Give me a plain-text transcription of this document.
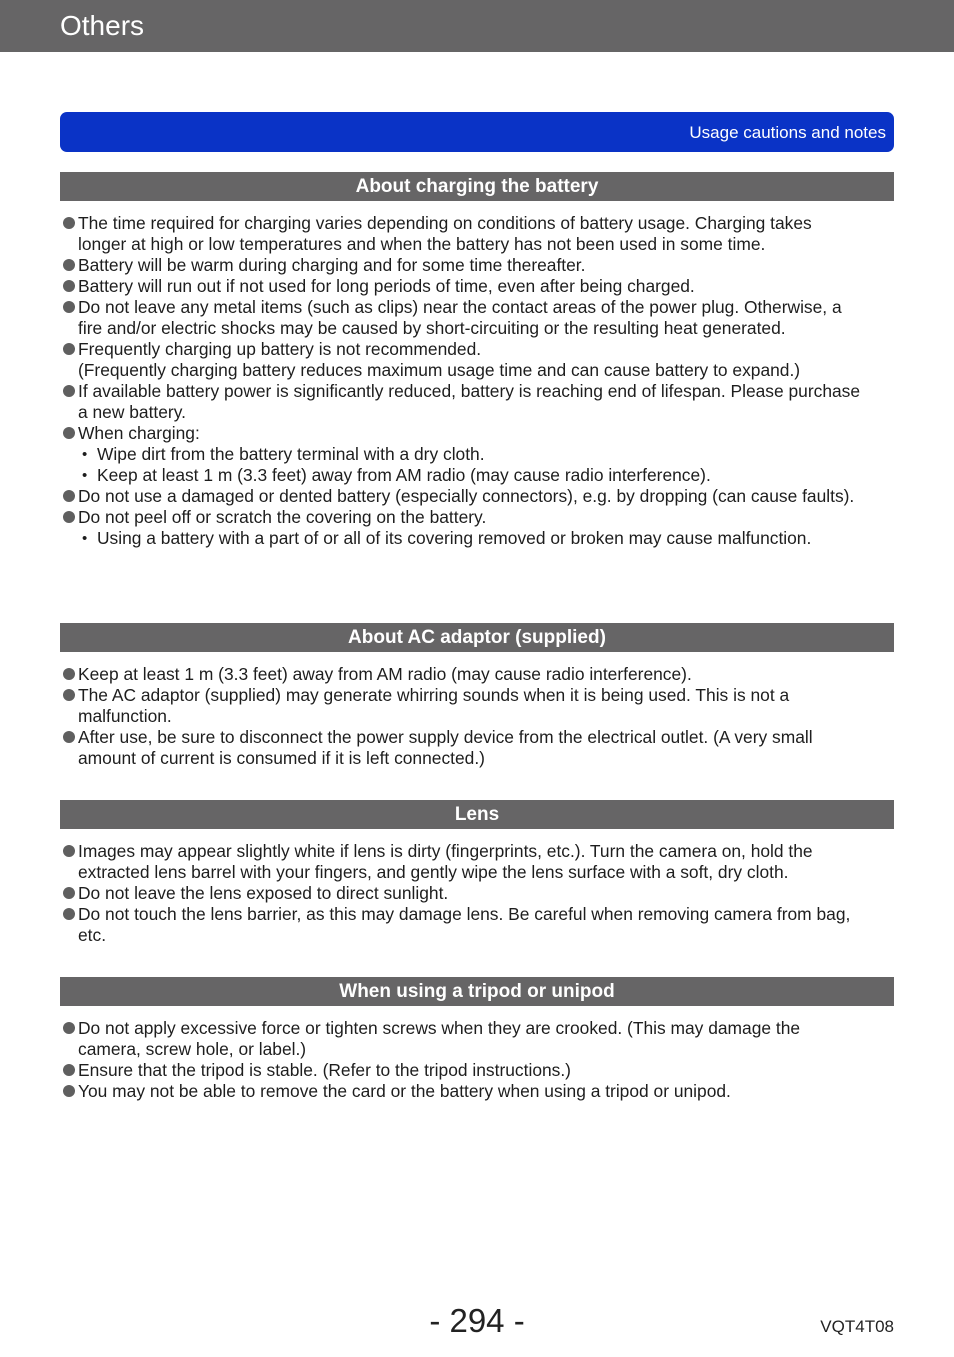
Others
Usage cautions and notes
About charging the battery
The time required for charging varies depending on conditions of battery usage. Charging takes longer at high or low temperatures and when the battery has not been used in some time.
Battery will be warm during charging and for some time thereafter.
Battery will run out if not used for long periods of time, even after being charged.
Do not leave any metal items (such as clips) near the contact areas of the power plug. Otherwise, a fire and/or electric shocks may be caused by short-circuiting or the resulting heat generated.
Frequently charging up battery is not recommended.
(Frequently charging battery reduces maximum usage time and can cause battery to expand.)
If available battery power is significantly reduced, battery is reaching end of lifespan. Please purchase a new battery.
When charging:
• Wipe dirt from the battery terminal with a dry cloth.
• Keep at least 1 m (3.3 feet) away from AM radio (may cause radio interference).
Do not use a damaged or dented battery (especially connectors), e.g. by dropping (can cause faults).
Do not peel off or scratch the covering on the battery.
• Using a battery with a part of or all of its covering removed or broken may cause malfunction.
About AC adaptor (supplied)
Keep at least 1 m (3.3 feet) away from AM radio (may cause radio interference).
The AC adaptor (supplied) may generate whirring sounds when it is being used. This is not a malfunction.
After use, be sure to disconnect the power supply device from the electrical outlet. (A very small amount of current is consumed if it is left connected.)
Lens
Images may appear slightly white if lens is dirty (fingerprints, etc.). Turn the camera on, hold the extracted lens barrel with your fingers, and gently wipe the lens surface with a soft, dry cloth.
Do not leave the lens exposed to direct sunlight.
Do not touch the lens barrier, as this may damage lens. Be careful when removing camera from bag, etc.
When using a tripod or unipod
Do not apply excessive force or tighten screws when they are crooked. (This may damage the camera, screw hole, or label.)
Ensure that the tripod is stable. (Refer to the tripod instructions.)
You may not be able to remove the card or the battery when using a tripod or unipod.
- 294 -	VQT4T08
